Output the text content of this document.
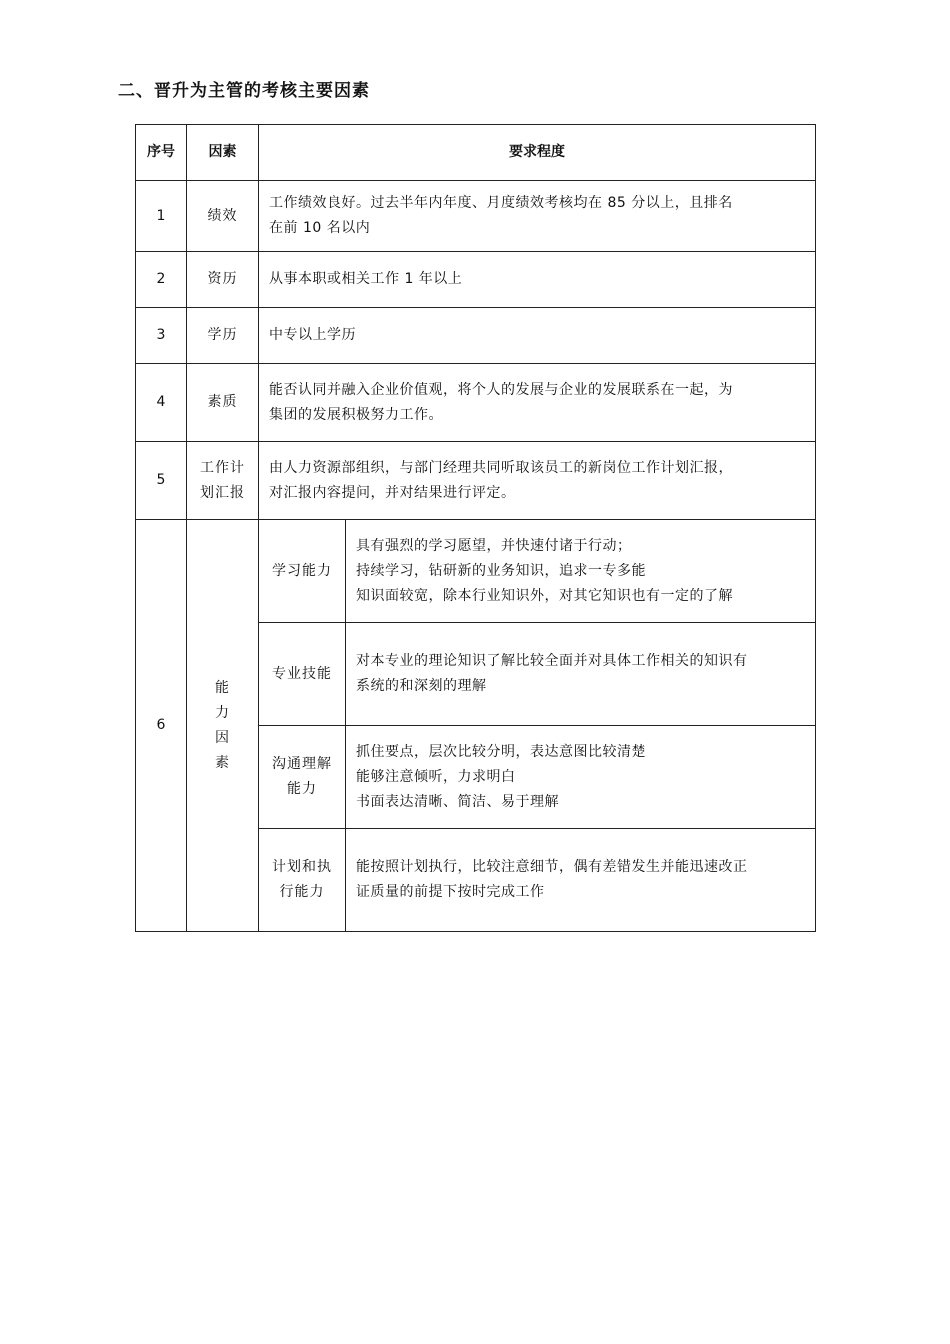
二、晋升为主管的考核主要因素
序号	因素	要求程度	
1	绩效	工作绩效良好。过去半年内年度、月度绩效考核均在 85 分以上，且排名
在前 10 名以内	

2	资历	从事本职或相关工作 1 年以上	

3	学历	中专以上学历	

4	素质	能否认同并融入企业价值观，将个人的发展与企业的发展联系在一起，为
集团的发展积极努力工作。	

5	工作计
划汇报	由人力资源部组织，与部门经理共同听取该员工的新岗位工作计划汇报，
对汇报内容提问，并对结果进行评定。	

6	能
力
因
素	学习能力	具有强烈的学习愿望，并快速付诸于行动；
持续学习，钻研新的业务知识，追求一专多能
知识面较宽，除本行业知识外，对其它知识也有一定的了解

		专业技能	对本专业的理论知识了解比较全面并对具体工作相关的知识有
系统的和深刻的理解

		沟通理解
能力	抓住要点，层次比较分明，表达意图比较清楚
能够注意倾听，力求明白
书面表达清晰、简洁、易于理解

		计划和执
行能力	能按照计划执行，比较注意细节，偶有差错发生并能迅速改正
证质量的前提下按时完成工作
